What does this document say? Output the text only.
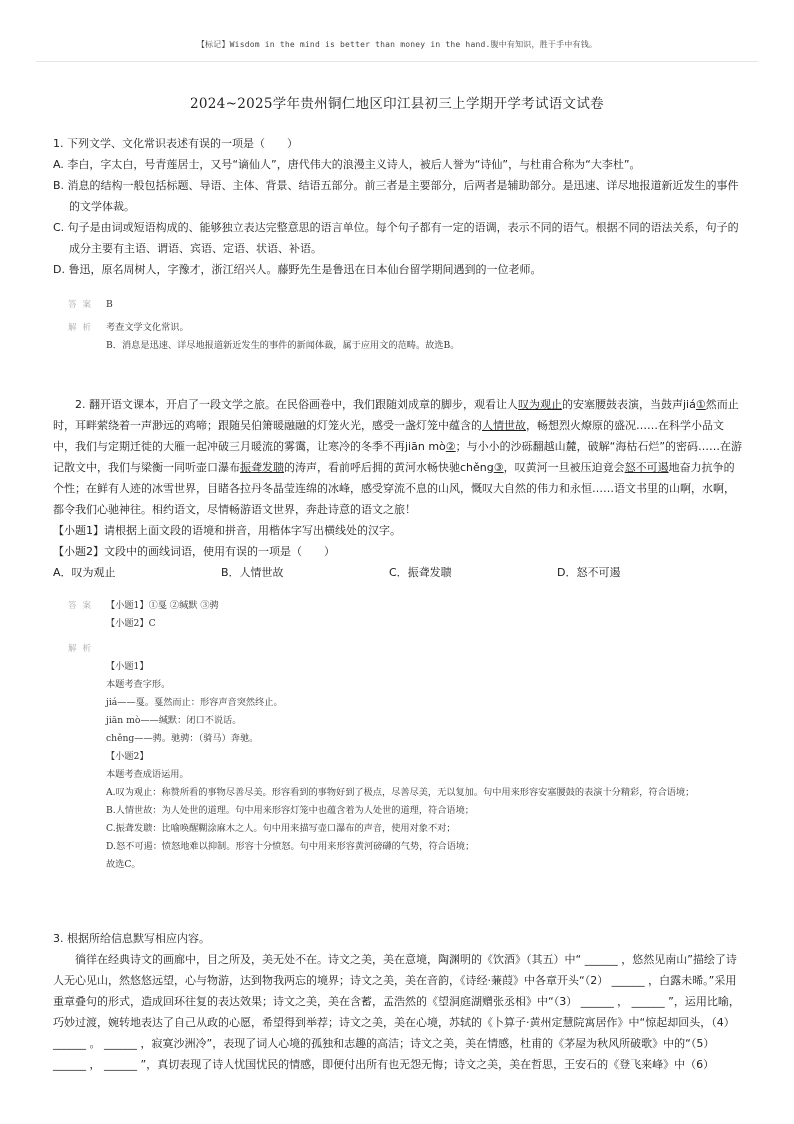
【标记】Wisdom in the mind is better than money in the hand.腹中有知识，胜于手中有钱。
2024~2025学年贵州铜仁地区印江县初三上学期开学考试语文试卷

1. 下列文学、文化常识表述有误的一项是（　　）

A. 李白，字太白，号青莲居士，又号“谪仙人”，唐代伟大的浪漫主义诗人，被后人誉为“诗仙”，与杜甫合称为“大李杜”。

B. 消息的结构一般包括标题、导语、主体、背景、结语五部分。前三者是主要部分，后两者是辅助部分。是迅速、详尽地报道新近发生的事件的文学体裁。

C. 句子是由词或短语构成的、能够独立表达完整意思的语言单位。每个句子都有一定的语调，表示不同的语气。根据不同的语法关系，句子的成分主要有主语、谓语、宾语、定语、状语、补语。

D. 鲁迅，原名周树人，字豫才，浙江绍兴人。藤野先生是鲁迅在日本仙台留学期间遇到的一位老师。

答案 B

解析 考查文学文化常识。

B．消息是迅速、详尽地报道新近发生的事件的新闻体裁，属于应用文的范畴。故选B。

2. 翻开语文课本，开启了一段文学之旅。在民俗画卷中，我们跟随刘成章的脚步，观看让人叹为观止的安塞腰鼓表演，当鼓声jiá①然而止时，耳畔萦绕着一声渺远的鸡啼；跟随吴伯箫暖融融的灯笼火光，感受一盏灯笼中蕴含的人情世故，畅想烈火燎原的盛况……在科学小品文中，我们与定期迁徙的大雁一起冲破三月暖流的雾霭，让寒冷的冬季不再jiān mò②；与小小的沙砾翻越山麓，破解“海枯石烂”的密码……在游记散文中，我们与梁衡一同听壶口瀑布振聋发聩的涛声，看前呼后拥的黄河水畅快驰chěng③，叹黄河一旦被压迫竟会怒不可遏地奋力抗争的个性；在鲜有人迹的冰雪世界，目睹各拉丹冬晶莹连绵的冰峰，感受穿流不息的山风，慨叹大自然的伟力和永恒……语文书里的山啊，水啊，都令我们心驰神往。相约语文，尽情畅游语文世界，奔赴诗意的语文之旅！

【小题1】请根据上面文段的语境和拼音，用楷体字写出横线处的汉字。

【小题2】文段中的画线词语，使用有误的一项是（　　）

A．叹为观止	B．人情世故	C．振聋发聩	D．怒不可遏
答案 【小题1】①戛 ②缄默 ③骋

【小题2】C

解析

【小题1】

本题考查字形。

jiá——戛。戛然而止：形容声音突然终止。

jiān mò——缄默：闭口不说话。

chěng——骋。驰骋：（骑马）奔驰。

【小题2】

本题考查成语运用。

A.叹为观止：称赞所看的事物尽善尽美。形容看到的事物好到了极点，尽善尽美，无以复加。句中用来形容安塞腰鼓的表演十分精彩，符合语境；

B.人情世故：为人处世的道理。句中用来形容灯笼中也蕴含着为人处世的道理，符合语境；

C.振聋发聩：比喻唤醒糊涂麻木之人。句中用来描写壶口瀑布的声音，使用对象不对；

D.怒不可遏：愤怒地难以抑制。形容十分愤怒。句中用来形容黄河磅礴的气势，符合语境；

故选C。

3. 根据所给信息默写相应内容。

徜徉在经典诗文的画廊中，目之所及，美无处不在。诗文之美，美在意境，陶渊明的《饮酒》（其五）中“ ______ ，悠然见南山”描绘了诗人无心见山，然悠悠远望，心与物游，达到物我两忘的境界；诗文之美，美在音韵，《诗经·蒹葭》中各章开头“（2） ______ ，白露未晞。”采用重章叠句的形式，造成回环往复的表达效果；诗文之美，美在含蓄，孟浩然的《望洞庭湖赠张丞相》中“（3） ______ ， ______ ”，运用比喻，巧妙过渡，婉转地表达了自己从政的心愿，希望得到举荐；诗文之美，美在心境，苏轼的《卜算子·黄州定慧院寓居作》中“惊起却回头，（4） ______ 。 ______ ，寂寞沙洲冷”，表现了词人心境的孤独和志趣的高洁；诗文之美，美在情感，杜甫的《茅屋为秋风所破歌》中的“（5） ______ ， ______ ”，真切表现了诗人忧国忧民的情感，即便付出所有也无怨无悔；诗文之美，美在哲思，王安石的《登飞来峰》中（6）
